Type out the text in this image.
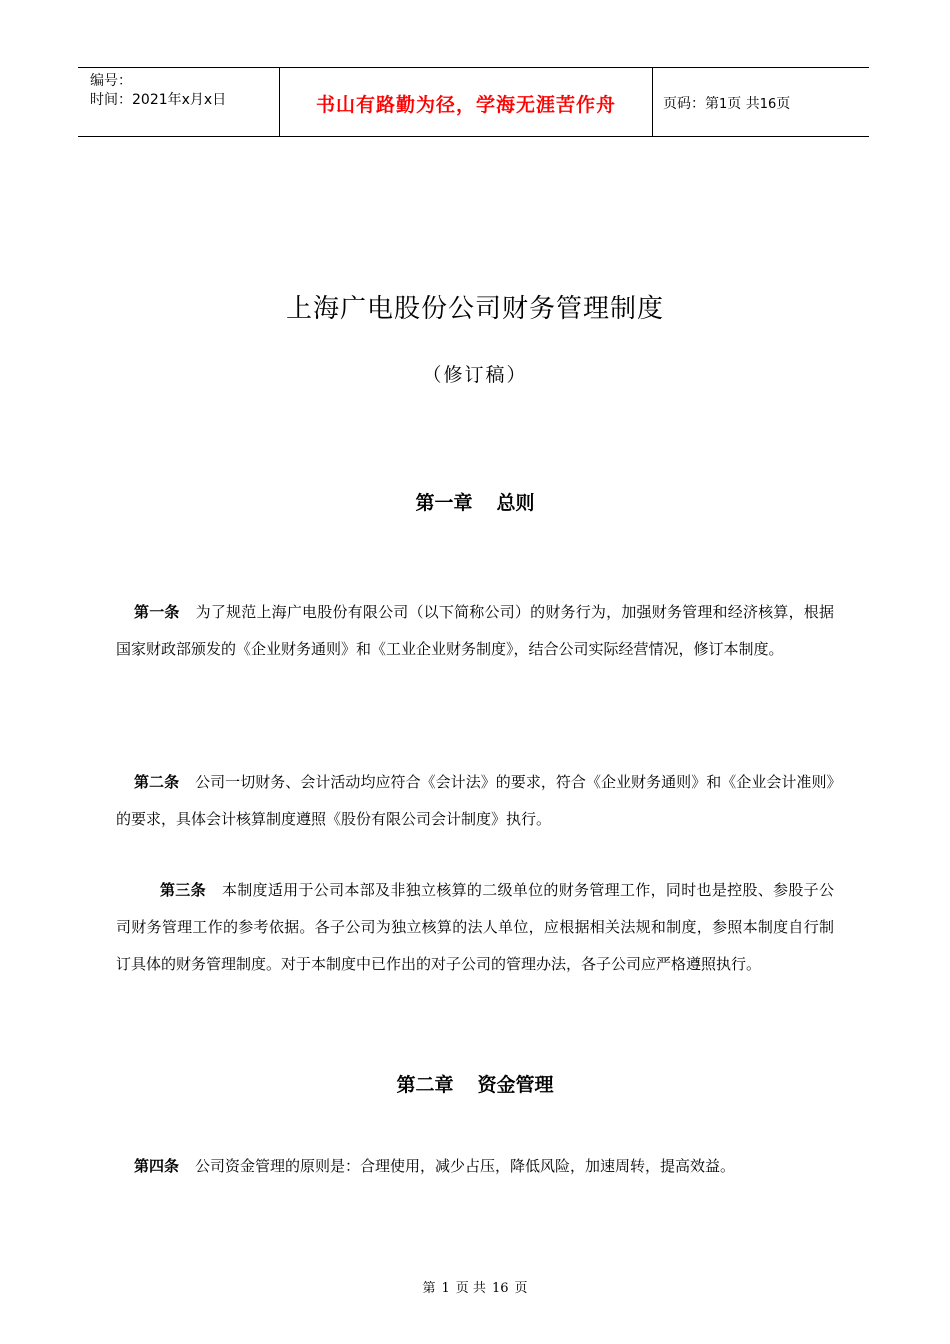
编号：
时间：2021年x月x日	书山有路勤为径，学海无涯苦作舟	页码：第1页 共16页
上海广电股份公司财务管理制度
（修订稿）
第一章 总则
第一条 为了规范上海广电股份有限公司（以下简称公司）的财务行为，加强财务管理和经济核算，根据国家财政部颁发的《企业财务通则》和《工业企业财务制度》，结合公司实际经营情况，修订本制度。
第二条 公司一切财务、会计活动均应符合《会计法》的要求，符合《企业财务通则》和《企业会计准则》的要求，具体会计核算制度遵照《股份有限公司会计制度》执行。
第三条 本制度适用于公司本部及非独立核算的二级单位的财务管理工作，同时也是控股、参股子公司财务管理工作的参考依据。各子公司为独立核算的法人单位，应根据相关法规和制度，参照本制度自行制订具体的财务管理制度。对于本制度中已作出的对子公司的管理办法，各子公司应严格遵照执行。
第二章 资金管理
第四条 公司资金管理的原则是：合理使用，减少占压，降低风险，加速周转，提高效益。
第 1 页 共 16 页
